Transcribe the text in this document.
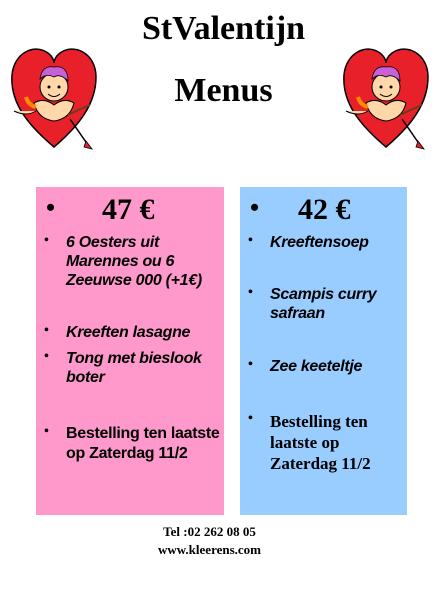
StValentijn
Menus
• 47 €
• 6 Oesters uit Marennes ou 6 Zeeuwse 000 (+1€)
• Kreeften lasagne
• Tong met bieslook boter
• Bestelling ten laatste op Zaterdag 11/2
• 42 €
• Kreeftensoep
• Scampis curry safraan
• Zee keeteltje
• Bestelling ten laatste op Zaterdag 11/2
Tel :02 262 08 05
www.kleerens.com
